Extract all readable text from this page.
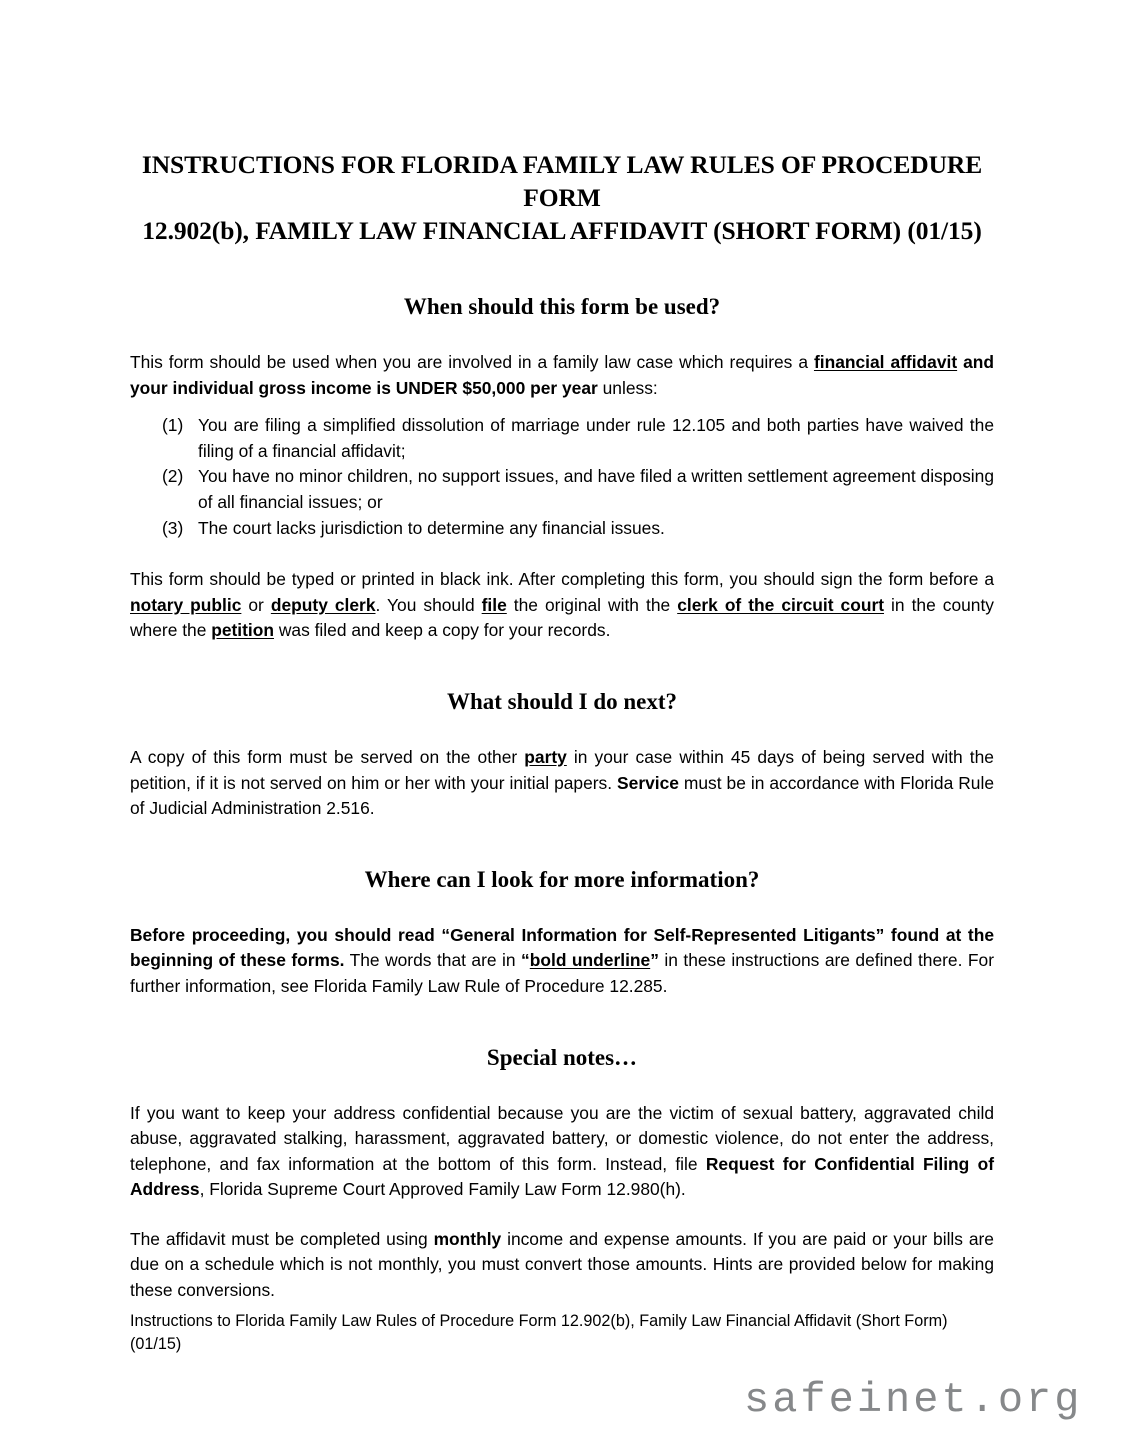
INSTRUCTIONS FOR FLORIDA FAMILY LAW RULES OF PROCEDURE FORM
12.902(b), FAMILY LAW FINANCIAL AFFIDAVIT (SHORT FORM) (01/15)
When should this form be used?

This form should be used when you are involved in a family law case which requires a financial affidavit and your individual gross income is UNDER $50,000 per year unless:

(1) You are filing a simplified dissolution of marriage under rule 12.105 and both parties have waived the filing of a financial affidavit;
(2) You have no minor children, no support issues, and have filed a written settlement agreement disposing of all financial issues; or
(3) The court lacks jurisdiction to determine any financial issues.

This form should be typed or printed in black ink. After completing this form, you should sign the form before a notary public or deputy clerk. You should file the original with the clerk of the circuit court in the county where the petition was filed and keep a copy for your records.

What should I do next?

A copy of this form must be served on the other party in your case within 45 days of being served with the petition, if it is not served on him or her with your initial papers. Service must be in accordance with Florida Rule of Judicial Administration 2.516.

Where can I look for more information?

Before proceeding, you should read “General Information for Self-Represented Litigants” found at the beginning of these forms. The words that are in “bold underline” in these instructions are defined there. For further information, see Florida Family Law Rule of Procedure 12.285.

Special notes…

If you want to keep your address confidential because you are the victim of sexual battery, aggravated child abuse, aggravated stalking, harassment, aggravated battery, or domestic violence, do not enter the address, telephone, and fax information at the bottom of this form. Instead, file Request for Confidential Filing of Address, Florida Supreme Court Approved Family Law Form 12.980(h).

The affidavit must be completed using monthly income and expense amounts. If you are paid or your bills are due on a schedule which is not monthly, you must convert those amounts. Hints are provided below for making these conversions.

Instructions to Florida Family Law Rules of Procedure Form 12.902(b), Family Law Financial Affidavit (Short Form) (01/15)

safeinet.org
